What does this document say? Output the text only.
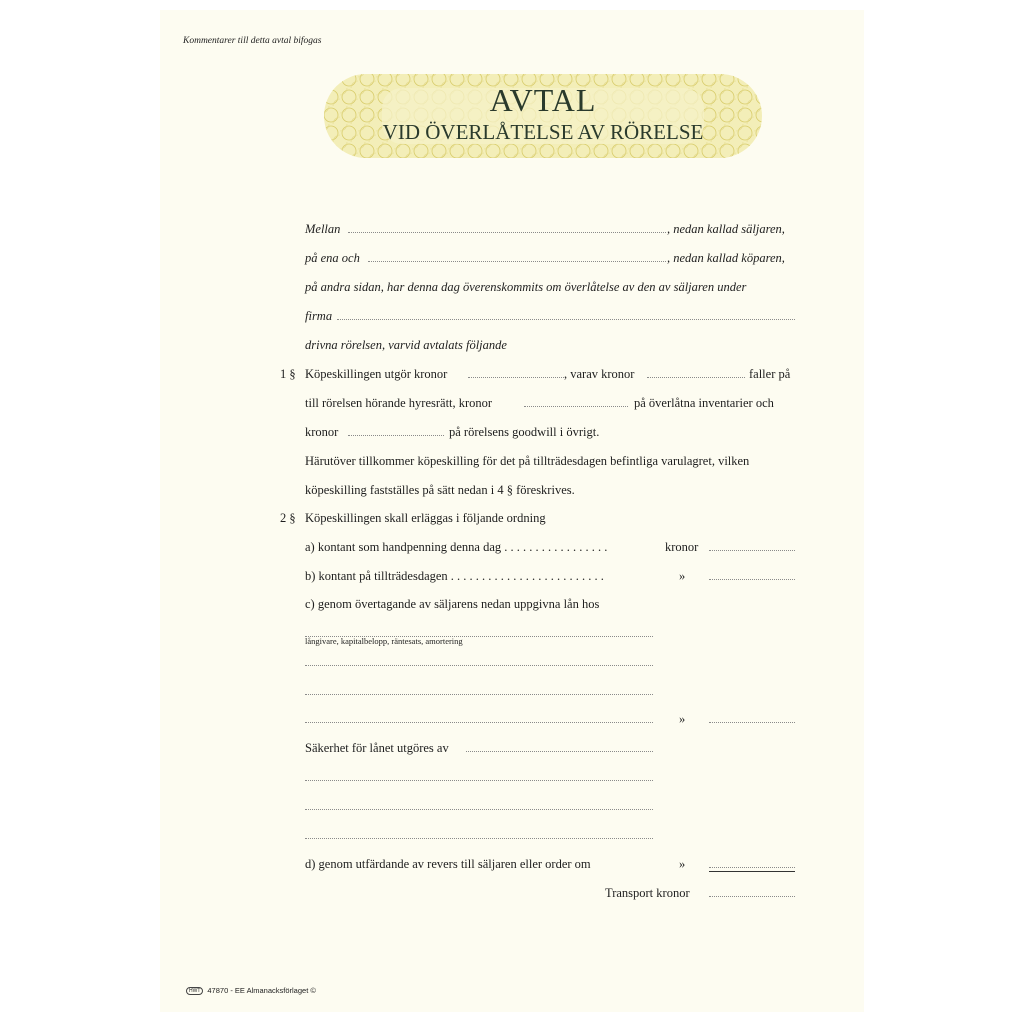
Kommentarer till detta avtal bifogas
AVTAL
VID ÖVERLÅTELSE AV RÖRELSE
Mellan	, nedan kallad säljaren,
på ena och	, nedan kallad köparen,
på andra sidan, har denna dag överenskommits om överlåtelse av den av säljaren under
firma
drivna rörelsen, varvid avtalats följande
1 § Köpeskillingen utgör kronor	, varav kronor	faller på
till rörelsen hörande hyresrätt, kronor	på överlåtna inventarier och
kronor	på rörelsens goodwill i övrigt.
Härutöver tillkommer köpeskilling för det på tillträdesdagen befintliga varulagret, vilken
köpeskilling fastställes på sätt nedan i 4 § föreskrives.
2 § Köpeskillingen skall erläggas i följande ordning
a) kontant som handpenning denna dag . . . . . . . . . . . . . . . . .	kronor
b) kontant på tillträdesdagen . . . . . . . . . . . . . . . . . . . . . . . . .	»
c) genom övertagande av säljarens nedan uppgivna lån hos
långivare, kapitalbelopp, räntesats, amortering
»
Säkerhet för lånet utgöres av
d) genom utfärdande av revers till säljaren eller order om	»
Transport kronor
HWT 47870 - EE Almanacksförlaget ©
